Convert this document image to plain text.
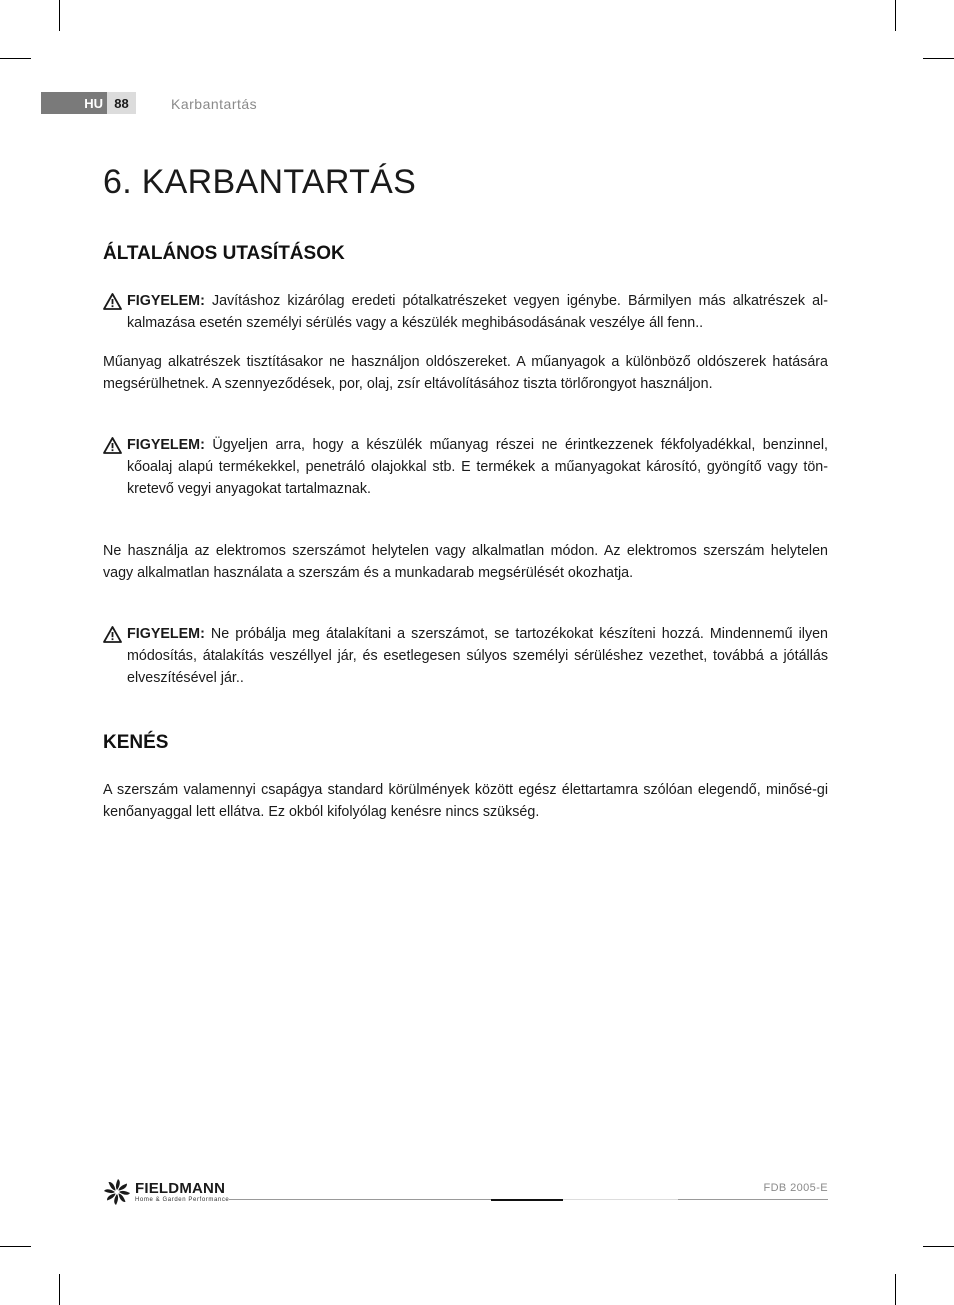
HU 88	Karbantartás
6. KARBANTARTÁS
ÁLTALÁNOS UTASÍTÁSOK
FIGYELEM: Javításhoz kizárólag eredeti pótalkatrészeket vegyen igénybe. Bármilyen más alkatrészek al-kalmazása esetén személyi sérülés vagy a készülék meghibásodásának veszélye áll fenn..

Műanyag alkatrészek tisztításakor ne használjon oldószereket. A műanyagok a különböző oldószerek hatására megsérülhetnek. A szennyeződések, por, olaj, zsír eltávolításához tiszta törlőrongyot használjon.

FIGYELEM: Ügyeljen arra, hogy a készülék műanyag részei ne érintkezzenek fékfolyadékkal, benzinnel, kőoalaj alapú termékekkel, penetráló olajokkal stb. E termékek a műanyagokat károsító, gyöngítő vagy tön-kretevő vegyi anyagokat tartalmaznak.

Ne használja az elektromos szerszámot helytelen vagy alkalmatlan módon. Az elektromos szerszám helytelen vagy alkalmatlan használata a szerszám és a munkadarab megsérülését okozhatja.

FIGYELEM: Ne próbálja meg átalakítani a szerszámot, se tartozékokat készíteni hozzá. Mindennemű ilyen módosítás, átalakítás veszéllyel jár, és esetlegesen súlyos személyi sérüléshez vezethet, továbbá a jótállás elveszítésével jár..
KENÉS

A szerszám valamennyi csapágya standard körülmények között egész élettartamra szólóan elegendő, minősé-gi kenőanyaggal lett ellátva. Ez okból kifolyólag kenésre nincs szükség.

FIELDMANN
Home & Garden Performance
FDB 2005-E
